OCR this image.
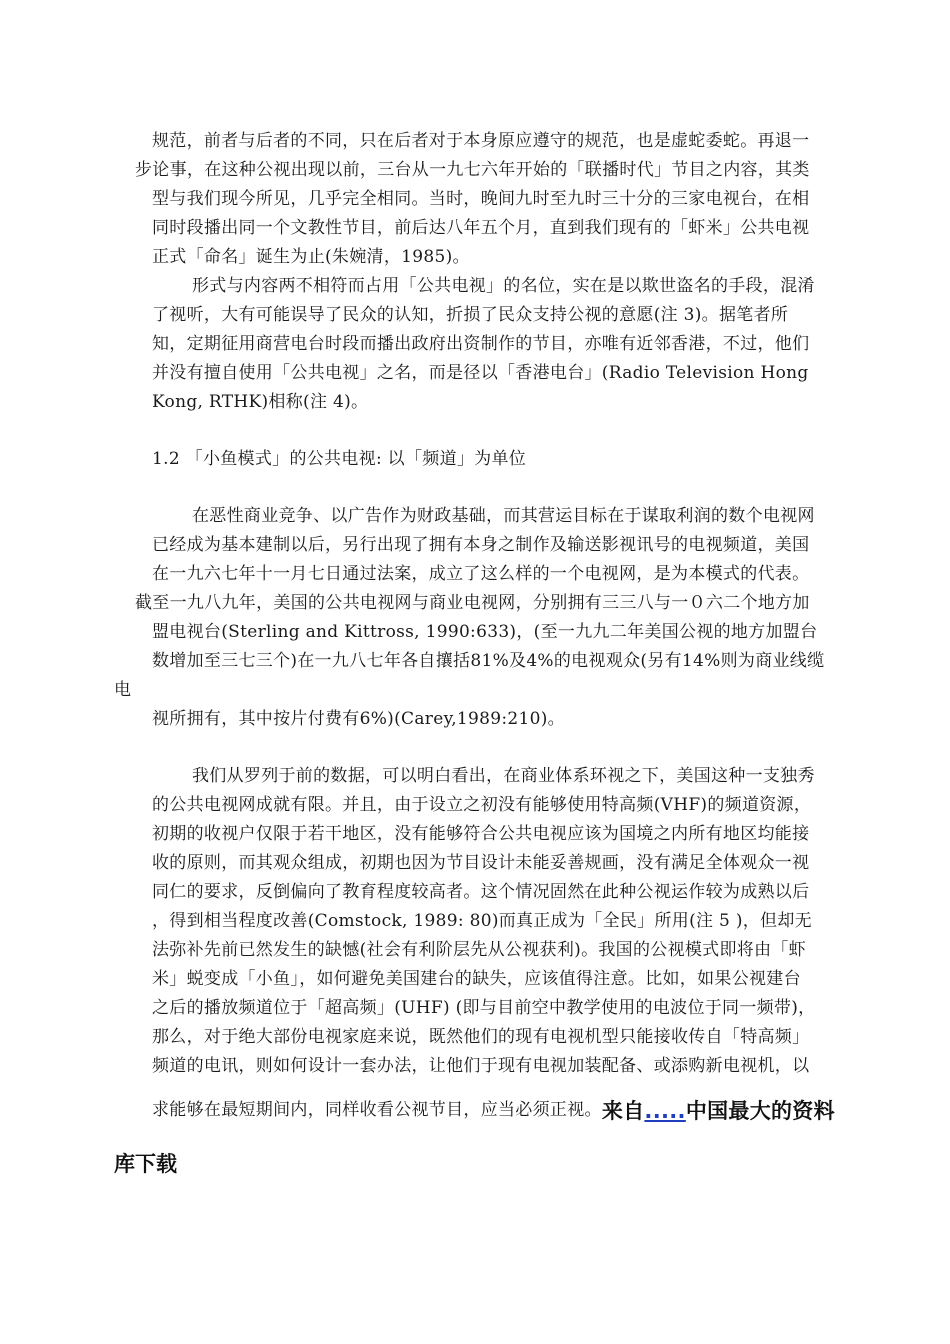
规范，前者与后者的不同，只在后者对于本身原应遵守的规范，也是虚蛇委蛇。再退一
步论事，在这种公视出现以前，三台从一九七六年开始的「联播时代」节目之内容，其类
型与我们现今所见，几乎完全相同。当时，晚间九时至九时三十分的三家电视台，在相
同时段播出同一个文教性节目，前后达八年五个月，直到我们现有的「虾米」公共电视
正式「命名」诞生为止(朱婉清，1985)。
形式与内容两不相符而占用「公共电视」的名位，实在是以欺世盗名的手段，混淆
了视听，大有可能误导了民众的认知，折损了民众支持公视的意愿(注 3)。据笔者所
知，定期征用商营电台时段而播出政府出资制作的节目，亦唯有近邻香港，不过，他们
并没有擅自使用「公共电视」之名，而是径以「香港电台」(Radio Television Hong
Kong, RTHK)相称(注 4)。
1.2 「小鱼模式」的公共电视: 以「频道」为单位
在恶性商业竞争、以广告作为财政基础，而其营运目标在于谋取利润的数个电视网
已经成为基本建制以后，另行出现了拥有本身之制作及输送影视讯号的电视频道，美国
在一九六七年十一月七日通过法案，成立了这么样的一个电视网，是为本模式的代表。
截至一九八九年，美国的公共电视网与商业电视网，分别拥有三三八与一０六二个地方加
盟电视台(Sterling and Kittross, 1990:633)，(至一九九二年美国公视的地方加盟台
数增加至三七三个)在一九八七年各自攘括81%及4%的电视观众(另有14%则为商业线缆
电
视所拥有，其中按片付费有6%)(Carey,1989:210)。
我们从罗列于前的数据，可以明白看出，在商业体系环视之下，美国这种一支独秀
的公共电视网成就有限。并且，由于设立之初没有能够使用特高频(VHF)的频道资源，
初期的收视户仅限于若干地区，没有能够符合公共电视应该为国境之内所有地区均能接
收的原则，而其观众组成，初期也因为节目设计未能妥善规画，没有满足全体观众一视
同仁的要求，反倒偏向了教育程度较高者。这个情况固然在此种公视运作较为成熟以后
，得到相当程度改善(Comstock, 1989: 80)而真正成为「全民」所用(注 5 )，但却无
法弥补先前已然发生的缺憾(社会有利阶层先从公视获利)。我国的公视模式即将由「虾
米」蜕变成「小鱼」，如何避免美国建台的缺失，应该值得注意。比如，如果公视建台
之后的播放频道位于「超高频」(UHF) (即与目前空中教学使用的电波位于同一频带)，
那么，对于绝大部份电视家庭来说，既然他们的现有电视机型只能接收传自「特高频」
频道的电讯，则如何设计一套办法，让他们于现有电视加装配备、或添购新电视机，以
求能够在最短期间内，同样收看公视节目，应当必须正视。来自.....中国最大的资料
库下载
